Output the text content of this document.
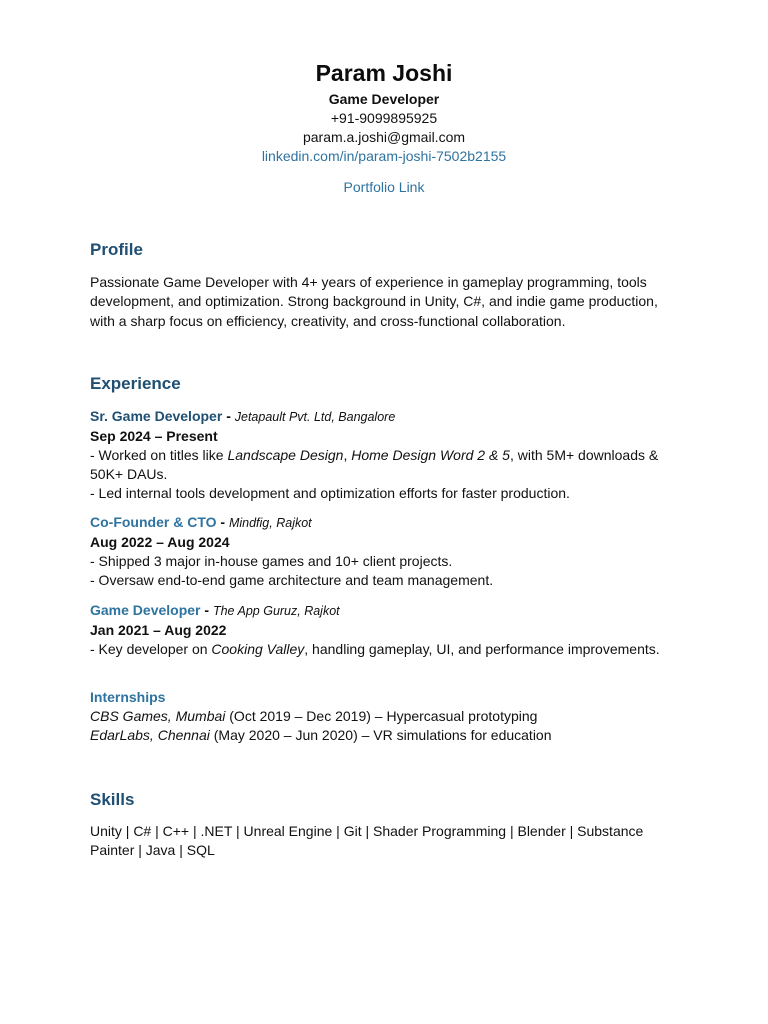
Param Joshi
Game Developer
+91-9099895925
param.a.joshi@gmail.com
linkedin.com/in/param-joshi-7502b2155
Portfolio Link
Profile
Passionate Game Developer with 4+ years of experience in gameplay programming, tools development, and optimization. Strong background in Unity, C#, and indie game production, with a sharp focus on efficiency, creativity, and cross-functional collaboration.
Experience
Sr. Game Developer - Jetapault Pvt. Ltd, Bangalore
Sep 2024 – Present
- Worked on titles like Landscape Design, Home Design Word 2 & 5, with 5M+ downloads & 50K+ DAUs.
- Led internal tools development and optimization efforts for faster production.
Co-Founder & CTO - Mindfig, Rajkot
Aug 2022 – Aug 2024
- Shipped 3 major in-house games and 10+ client projects.
- Oversaw end-to-end game architecture and team management.
Game Developer - The App Guruz, Rajkot
Jan 2021 – Aug 2022
- Key developer on Cooking Valley, handling gameplay, UI, and performance improvements.
Internships
CBS Games, Mumbai (Oct 2019 – Dec 2019) – Hypercasual prototyping
EdarLabs, Chennai (May 2020 – Jun 2020) – VR simulations for education
Skills
Unity | C# | C++ | .NET | Unreal Engine | Git | Shader Programming | Blender | Substance Painter | Java | SQL
